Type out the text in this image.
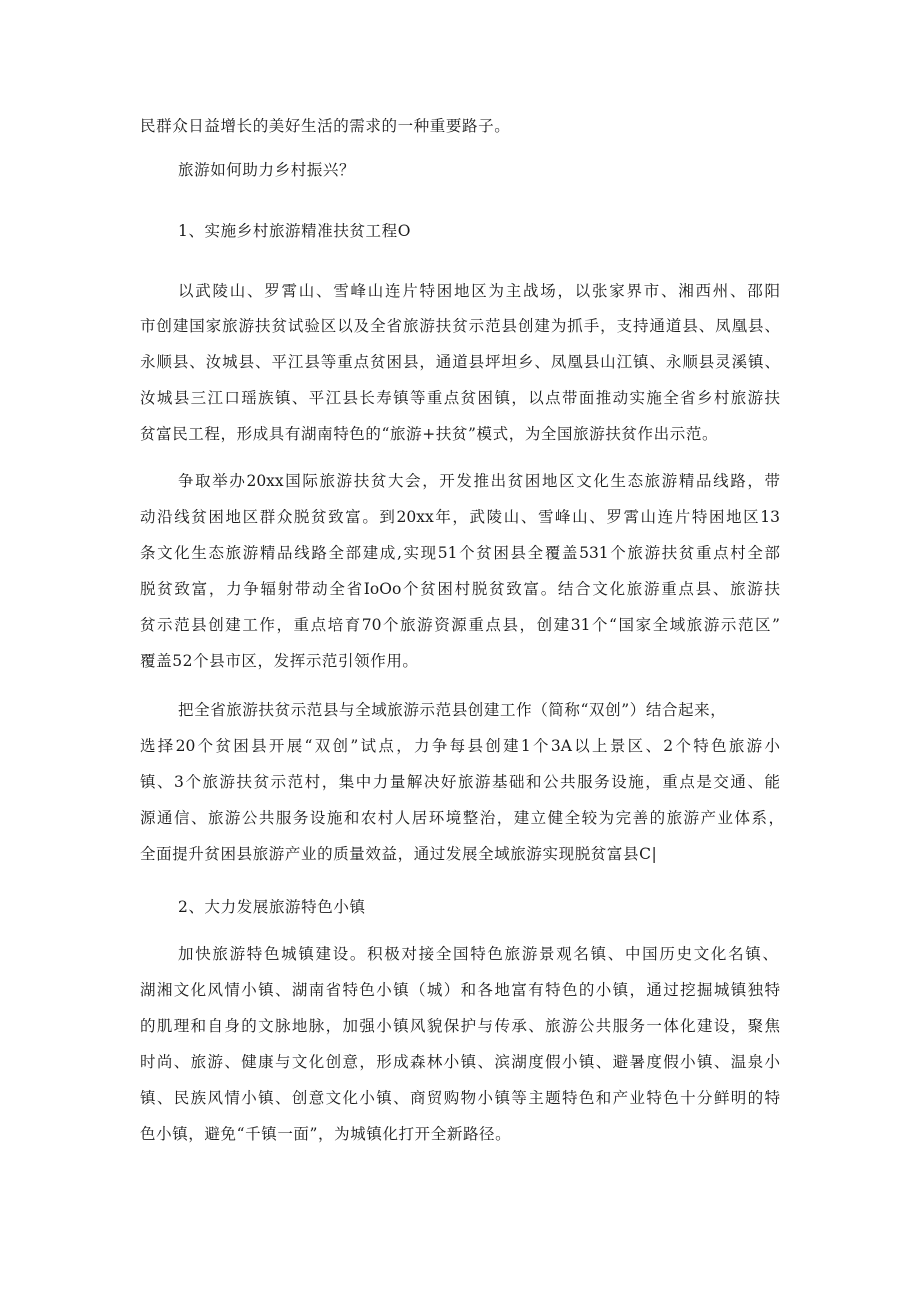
民群众日益增长的美好生活的需求的一种重要路子。
旅游如何助力乡村振兴？
1、实施乡村旅游精准扶贫工程O
以武陵山、罗霄山、雪峰山连片特困地区为主战场，以张家界市、湘西州、邵阳
市创建国家旅游扶贫试验区以及全省旅游扶贫示范县创建为抓手，支持通道县、凤凰县、
永顺县、汝城县、平江县等重点贫困县，通道县坪坦乡、凤凰县山江镇、永顺县灵溪镇、
汝城县三江口瑶族镇、平江县长寿镇等重点贫困镇，以点带面推动实施全省乡村旅游扶
贫富民工程，形成具有湖南特色的“旅游+扶贫”模式，为全国旅游扶贫作出示范。
争取举办20xx国际旅游扶贫大会，开发推出贫困地区文化生态旅游精品线路，带
动沿线贫困地区群众脱贫致富。到20xx年，武陵山、雪峰山、罗霄山连片特困地区13
条文化生态旅游精品线路全部建成,实现51个贫困县全覆盖531个旅游扶贫重点村全部
脱贫致富，力争辐射带动全省IoOo个贫困村脱贫致富。结合文化旅游重点县、旅游扶
贫示范县创建工作，重点培育70个旅游资源重点县，创建31个“国家全域旅游示范区”
覆盖52个县市区，发挥示范引领作用。
把全省旅游扶贫示范县与全域旅游示范县创建工作（简称“双创”）结合起来，
选择20个贫困县开展“双创”试点，力争每县创建1个3A以上景区、2个特色旅游小
镇、3个旅游扶贫示范村，集中力量解决好旅游基础和公共服务设施，重点是交通、能
源通信、旅游公共服务设施和农村人居环境整治，建立健全较为完善的旅游产业体系，
全面提升贫困县旅游产业的质量效益，通过发展全域旅游实现脱贫富县C|
2、大力发展旅游特色小镇
加快旅游特色城镇建设。积极对接全国特色旅游景观名镇、中国历史文化名镇、
湖湘文化风情小镇、湖南省特色小镇（城）和各地富有特色的小镇，通过挖掘城镇独特
的肌理和自身的文脉地脉，加强小镇风貌保护与传承、旅游公共服务一体化建设，聚焦
时尚、旅游、健康与文化创意，形成森林小镇、滨湖度假小镇、避暑度假小镇、温泉小
镇、民族风情小镇、创意文化小镇、商贸购物小镇等主题特色和产业特色十分鲜明的特
色小镇，避免“千镇一面”，为城镇化打开全新路径。
